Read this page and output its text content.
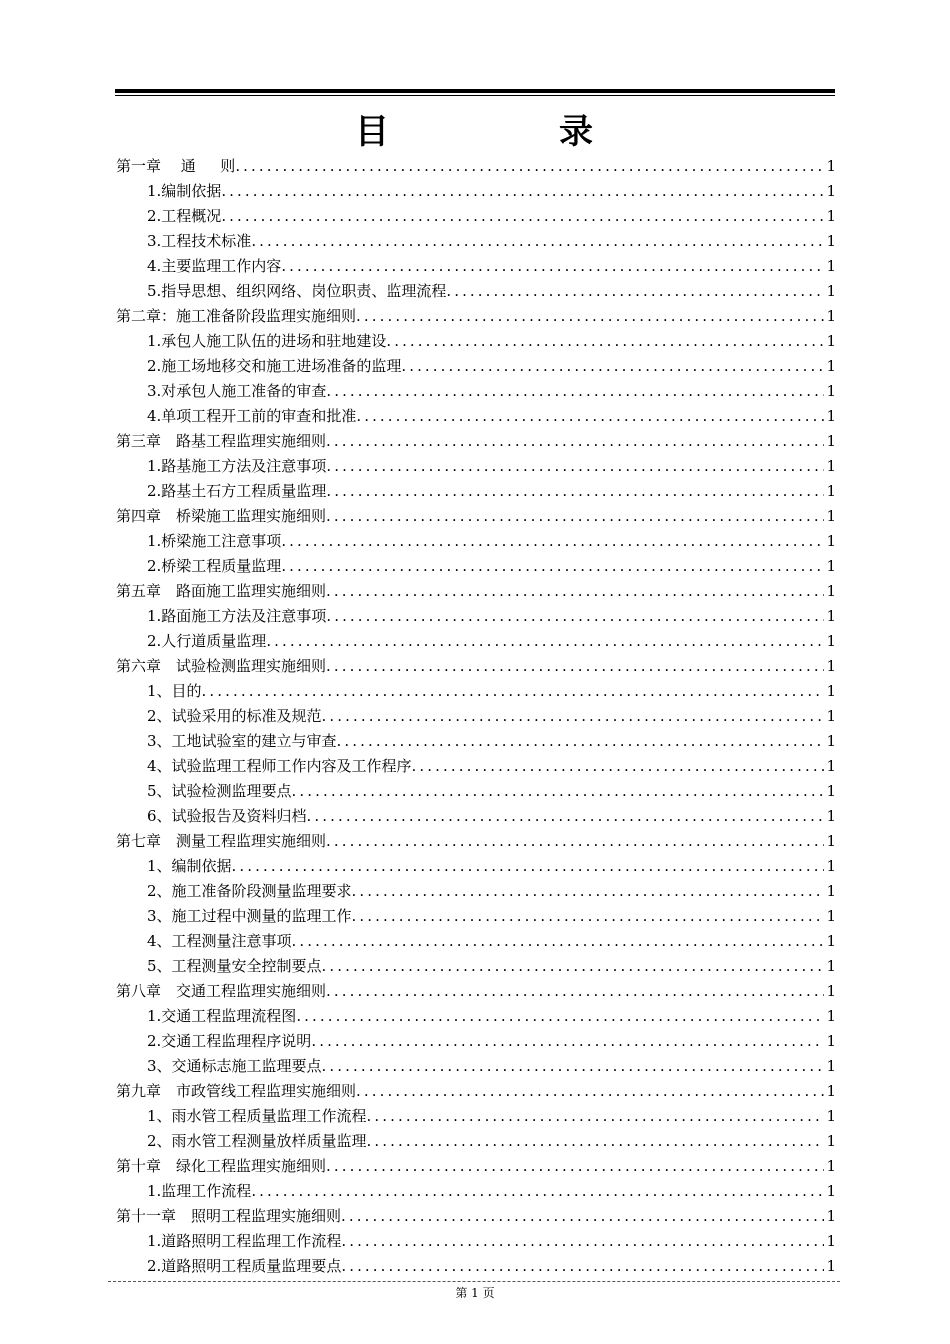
目	录
第一章　 通 　 则 .....	1
1.编制依据 .....	1
2.工程概况 .....	1
3.工程技术标准 .....	1
4.主要监理工作内容 .....	1
5.指导思想、组织网络、岗位职责、监理流程 .....	1
第二章：施工准备阶段监理实施细则 .....	1
1.承包人施工队伍的进场和驻地建设 .....	1
2.施工场地移交和施工进场准备的监理 .....	1
3.对承包人施工准备的审查 .....	1
4.单项工程开工前的审查和批准 .....	1
第三章　路基工程监理实施细则 .....	1
1.路基施工方法及注意事项 .....	1
2.路基土石方工程质量监理 .....	1
第四章　桥梁施工监理实施细则 .....	1
1.桥梁施工注意事项 .....	1
2.桥梁工程质量监理 .....	1
第五章　路面施工监理实施细则 .....	1
1.路面施工方法及注意事项 .....	1
2.人行道质量监理 .....	1
第六章　试验检测监理实施细则 .....	1
1、目的 .....	1
2、试验采用的标准及规范 .....	1
3、工地试验室的建立与审查 .....	1
4、试验监理工程师工作内容及工作程序 .....	1
5、试验检测监理要点 .....	1
6、试验报告及资料归档 .....	1
第七章　测量工程监理实施细则 .....	1
1、编制依据 .....	1
2、施工准备阶段测量监理要求 .....	1
3、施工过程中测量的监理工作 .....	1
4、工程测量注意事项 .....	1
5、工程测量安全控制要点 .....	1
第八章　交通工程监理实施细则 .....	1
1.交通工程监理流程图 .....	1
2.交通工程监理程序说明 .....	1
3、交通标志施工监理要点 .....	1
第九章　市政管线工程监理实施细则 .....	1
1、雨水管工程质量监理工作流程 .....	1
2、雨水管工程测量放样质量监理 .....	1
第十章　绿化工程监理实施细则 .....	1
1.监理工作流程 .....	1
第十一章　照明工程监理实施细则 .....	1
1.道路照明工程监理工作流程 .....	1
2.道路照明工程质量监理要点 .....	1
第 1 页
